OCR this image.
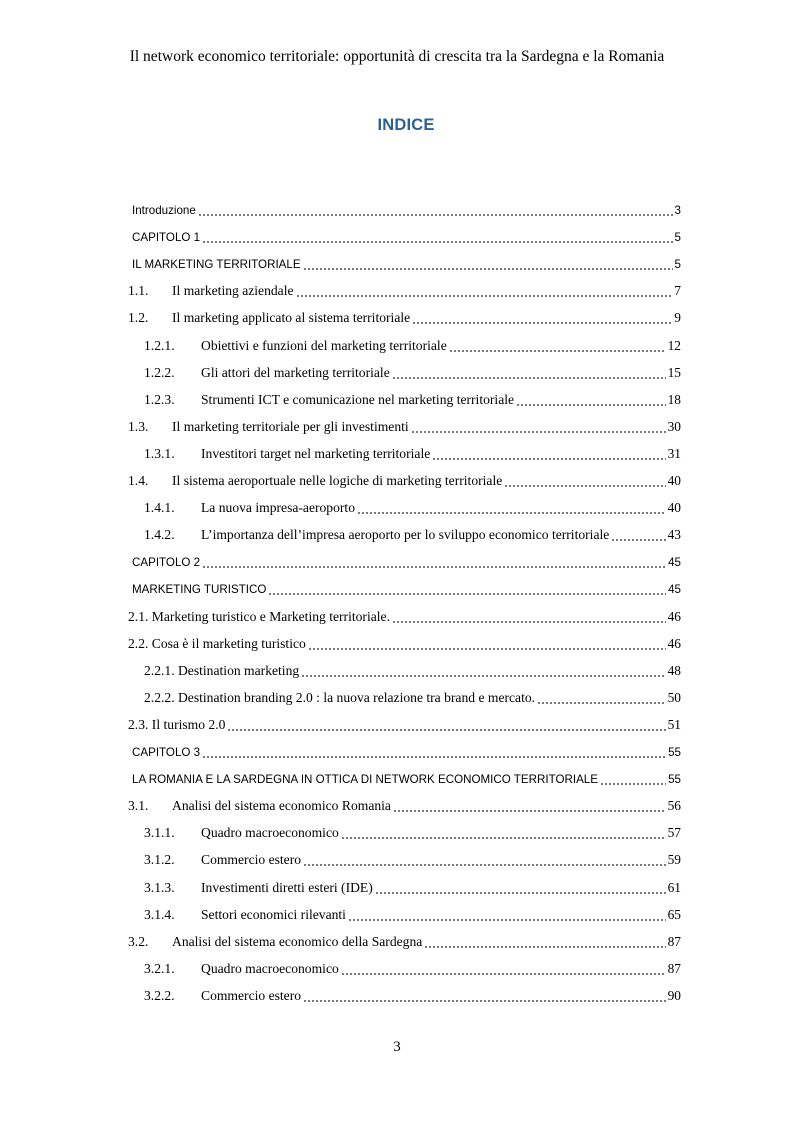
Il network economico territoriale: opportunità di crescita tra la Sardegna e la Romania
INDICE
Introduzione	3
CAPITOLO 1	5
IL MARKETING TERRITORIALE	5
1.1.	Il marketing aziendale	7
1.2.	Il marketing applicato al sistema territoriale	9
1.2.1.	Obiettivi e funzioni del marketing territoriale	12
1.2.2.	Gli attori del marketing territoriale	15
1.2.3.	Strumenti ICT e comunicazione nel marketing territoriale	18
1.3.	Il marketing territoriale per gli investimenti	30
1.3.1.	Investitori target nel marketing territoriale	31
1.4.	Il sistema aeroportuale nelle logiche di marketing territoriale	40
1.4.1.	La nuova impresa-aeroporto	40
1.4.2.	L’importanza dell’impresa aeroporto per lo sviluppo economico territoriale	43
CAPITOLO 2	45
MARKETING TURISTICO	45
2.1. Marketing turistico e Marketing territoriale.	46
2.2. Cosa è il marketing turistico	46
2.2.1. Destination marketing	48
2.2.2. Destination branding 2.0 : la nuova relazione tra brand e mercato.	50
2.3. Il turismo 2.0	51
CAPITOLO 3	55
LA ROMANIA E LA SARDEGNA IN OTTICA DI NETWORK ECONOMICO TERRITORIALE	55
3.1.	Analisi del sistema economico Romania	56
3.1.1.	Quadro macroeconomico	57
3.1.2.	Commercio estero	59
3.1.3.	Investimenti diretti esteri (IDE)	61
3.1.4.	Settori economici rilevanti	65
3.2.	Analisi del sistema economico della Sardegna	87
3.2.1.	Quadro macroeconomico	87
3.2.2.	Commercio estero	90
3
